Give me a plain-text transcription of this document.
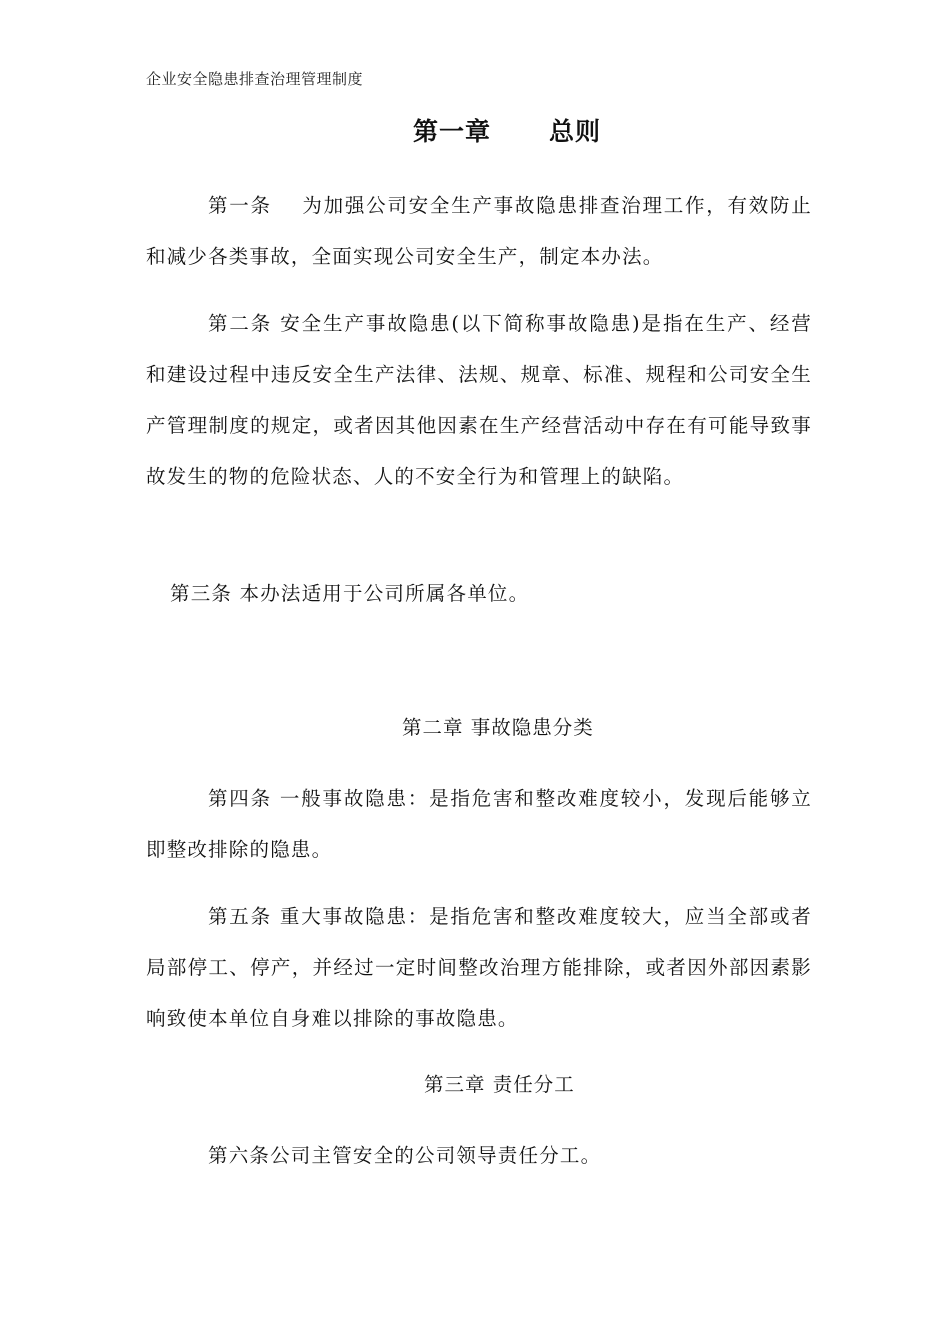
企业安全隐患排查治理管理制度
第一章 总则
第一条 为加强公司安全生产事故隐患排查治理工作，有效防止和减少各类事故，全面实现公司安全生产，制定本办法。
第二条 安全生产事故隐患(以下简称事故隐患)是指在生产、经营和建设过程中违反安全生产法律、法规、规章、标准、规程和公司安全生产管理制度的规定，或者因其他因素在生产经营活动中存在有可能导致事故发生的物的危险状态、人的不安全行为和管理上的缺陷。
第三条 本办法适用于公司所属各单位。
第二章 事故隐患分类
第四条 一般事故隐患：是指危害和整改难度较小，发现后能够立即整改排除的隐患。
第五条 重大事故隐患：是指危害和整改难度较大，应当全部或者局部停工、停产，并经过一定时间整改治理方能排除，或者因外部因素影响致使本单位自身难以排除的事故隐患。
第三章 责任分工
第六条公司主管安全的公司领导责任分工。
